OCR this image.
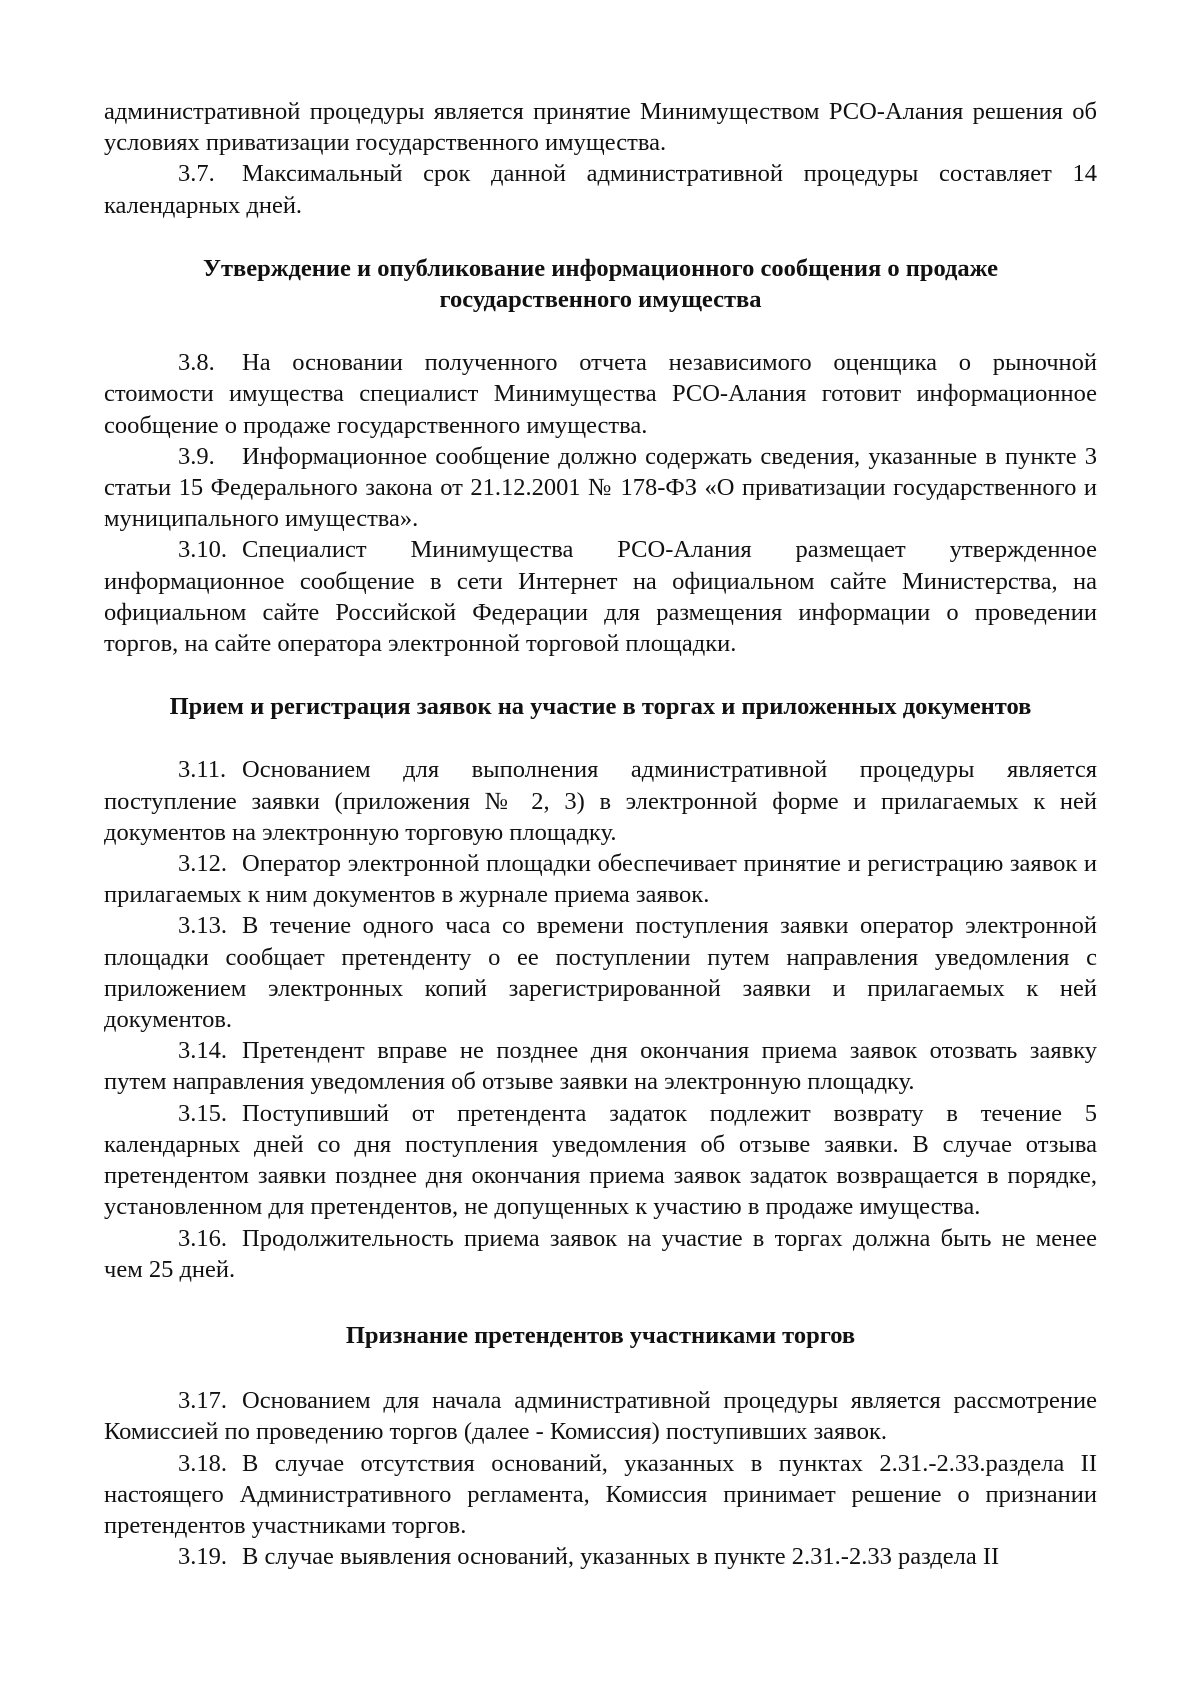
административной процедуры является принятие Минимуществом РСО-Алания решения об условиях приватизации государственного имущества.

3.7. Максимальный срок данной административной процедуры составляет 14 календарных дней.

Утверждение и опубликование информационного сообщения о продаже
государственного имущества

3.8. На основании полученного отчета независимого оценщика о рыночной стоимости имущества специалист Минимущества РСО-Алания готовит информационное сообщение о продаже государственного имущества.

3.9. Информационное сообщение должно содержать сведения, указанные в пункте 3 статьи 15 Федерального закона от 21.12.2001 № 178-ФЗ «О приватизации государственного и муниципального имущества».

3.10. Специалист Минимущества РСО-Алания размещает утвержденное информационное сообщение в сети Интернет на официальном сайте Министерства, на официальном сайте Российской Федерации для размещения информации о проведении торгов, на сайте оператора электронной торговой площадки.

Прием и регистрация заявок на участие в торгах и приложенных документов

3.11. Основанием для выполнения административной процедуры является поступление заявки (приложения № 2, 3) в электронной форме и прилагаемых к ней документов на электронную торговую площадку.

3.12. Оператор электронной площадки обеспечивает принятие и регистрацию заявок и прилагаемых к ним документов в журнале приема заявок.

3.13. В течение одного часа со времени поступления заявки оператор электронной площадки сообщает претенденту о ее поступлении путем направления уведомления с приложением электронных копий зарегистрированной заявки и прилагаемых к ней документов.

3.14. Претендент вправе не позднее дня окончания приема заявок отозвать заявку путем направления уведомления об отзыве заявки на электронную площадку.

3.15. Поступивший от претендента задаток подлежит возврату в течение 5 календарных дней со дня поступления уведомления об отзыве заявки. В случае отзыва претендентом заявки позднее дня окончания приема заявок задаток возвращается в порядке, установленном для претендентов, не допущенных к участию в продаже имущества.

3.16. Продолжительность приема заявок на участие в торгах должна быть не менее чем 25 дней.

Признание претендентов участниками торгов

3.17. Основанием для начала административной процедуры является рассмотрение Комиссией по проведению торгов (далее - Комиссия) поступивших заявок.

3.18. В случае отсутствия оснований, указанных в пунктах 2.31.-2.33.раздела II настоящего Административного регламента, Комиссия принимает решение о признании претендентов участниками торгов.

3.19. В случае выявления оснований, указанных в пункте 2.31.-2.33 раздела II
